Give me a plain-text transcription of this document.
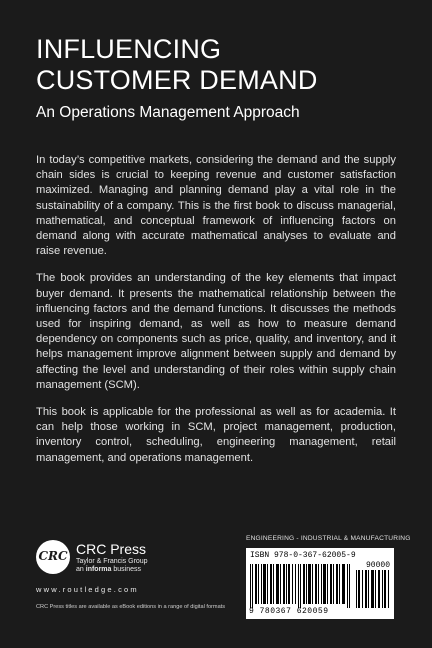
INFLUENCING
CUSTOMER DEMAND

An Operations Management Approach

In today’s competitive markets, considering the demand and the supply chain sides is crucial to keeping revenue and customer satisfaction maximized. Managing and planning demand play a vital role in the sustainability of a company. This is the first book to discuss managerial, mathematical, and conceptual framework of influencing factors on demand along with accurate mathematical analyses to evaluate and raise revenue.

The book provides an understanding of the key elements that impact buyer demand. It presents the mathematical relationship between the influencing factors and the demand functions. It discusses the methods used for inspiring demand, as well as how to measure demand dependency on components such as price, quality, and inventory, and it helps management improve alignment between supply and demand by affecting the level and understanding of their roles within supply chain management (SCM).

This book is applicable for the professional as well as for academia. It can help those working in SCM, project management, production, inventory control, scheduling, engineering management, retail management, and operations management.

ENGINEERING - INDUSTRIAL & MANUFACTURING
ISBN 978-0-367-62005-9
90000
9 780367 620059
CRC CRC Press
Taylor & Francis Group
an informa business
www.routledge.com
CRC Press titles are available as eBook editions in a range of digital formats
